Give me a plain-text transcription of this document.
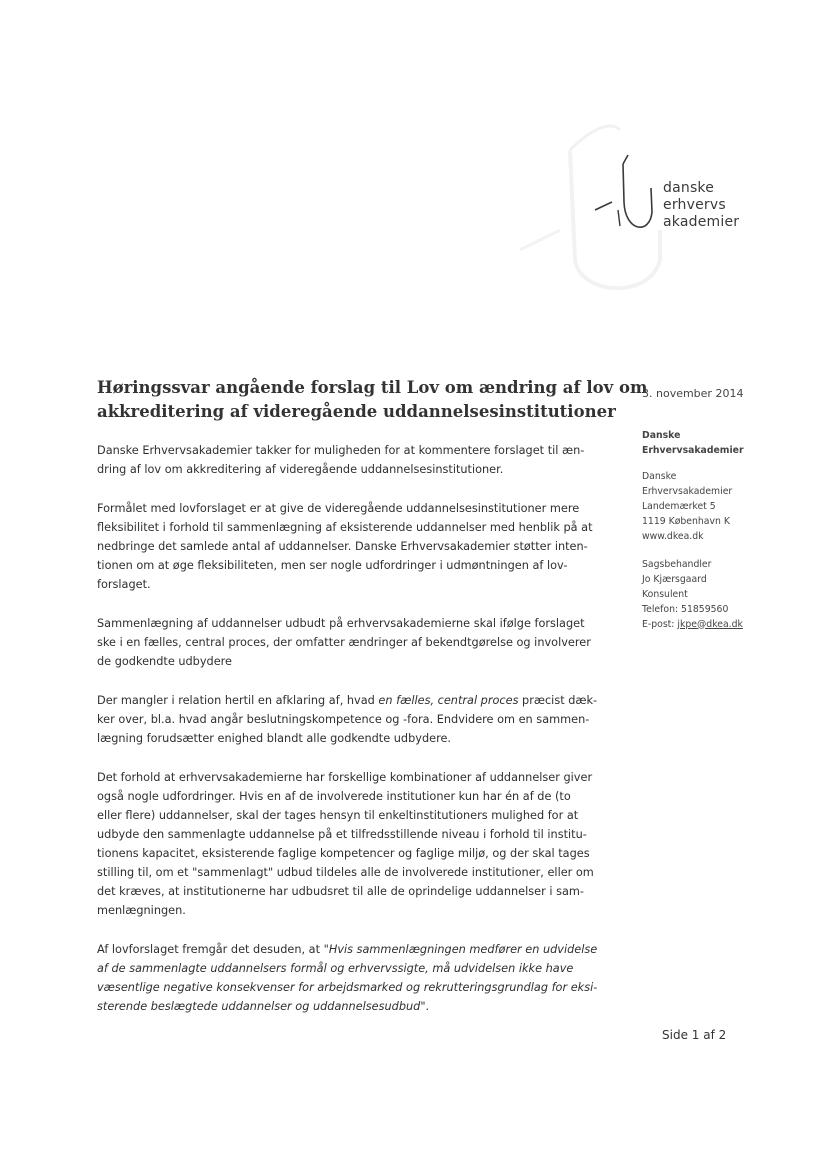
danske
erhvervs
akademier
Høringssvar angående forslag til Lov om ændring af lov om
akkreditering af videregående uddannelsesinstitutioner
Danske Erhvervsakademier takker for muligheden for at kommentere forslaget til æn-
dring af lov om akkreditering af videregående uddannelsesinstitutioner.
Formålet med lovforslaget er at give de videregående uddannelsesinstitutioner mere
fleksibilitet i forhold til sammenlægning af eksisterende uddannelser med henblik på at
nedbringe det samlede antal af uddannelser. Danske Erhvervsakademier støtter inten-
tionen om at øge fleksibiliteten, men ser nogle udfordringer i udmøntningen af lov-
forslaget.
Sammenlægning af uddannelser udbudt på erhvervsakademierne skal ifølge forslaget
ske i en fælles, central proces, der omfatter ændringer af bekendtgørelse og involverer
de godkendte udbydere
Der mangler i relation hertil en afklaring af, hvad en fælles, central proces præcist dæk-
ker over, bl.a. hvad angår beslutningskompetence og -fora. Endvidere om en sammen-
lægning forudsætter enighed blandt alle godkendte udbydere.
Det forhold at erhvervsakademierne har forskellige kombinationer af uddannelser giver
også nogle udfordringer. Hvis en af de involverede institutioner kun har én af de (to
eller flere) uddannelser, skal der tages hensyn til enkeltinstitutioners mulighed for at
udbyde den sammenlagte uddannelse på et tilfredsstillende niveau i forhold til institu-
tionens kapacitet, eksisterende faglige kompetencer og faglige miljø, og der skal tages
stilling til, om et "sammenlagt" udbud tildeles alle de involverede institutioner, eller om
det kræves, at institutionerne har udbudsret til alle de oprindelige uddannelser i sam-
menlægningen.
Af lovforslaget fremgår det desuden, at "Hvis sammenlægningen medfører en udvidelse
af de sammenlagte uddannelsers formål og erhvervssigte, må udvidelsen ikke have
væsentlige negative konsekvenser for arbejdsmarked og rekrutteringsgrundlag for eksi-
sterende beslægtede uddannelser og uddannelsesudbud".
3. november 2014
Danske
Erhvervsakademier
Danske
Erhvervsakademier
Landemærket 5
1119 København K
www.dkea.dk
Sagsbehandler
Jo Kjærsgaard
Konsulent
Telefon: 51859560
E-post: jkpe@dkea.dk
Side 1 af 2
